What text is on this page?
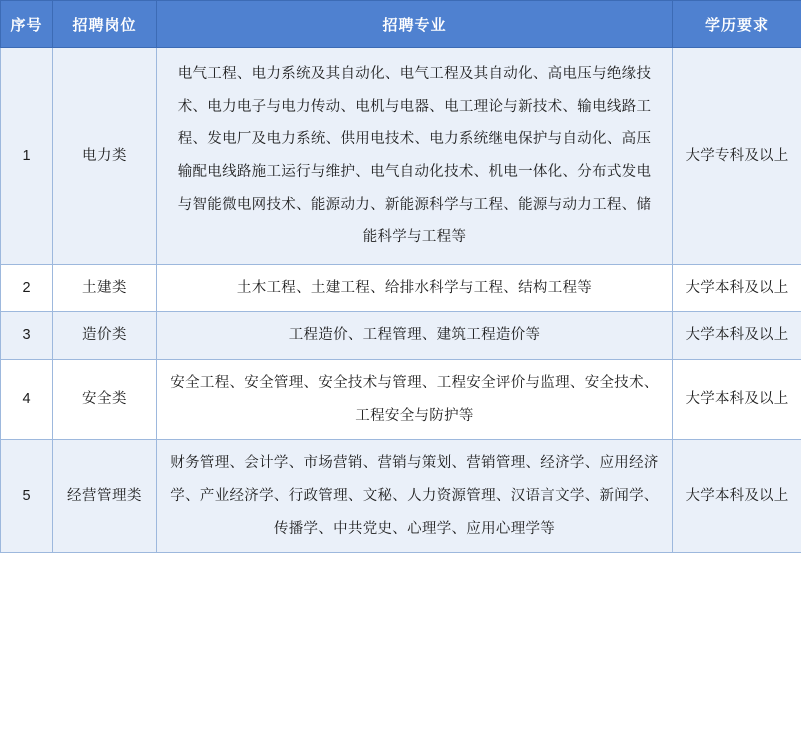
序号	招聘岗位	招聘专业	学历要求
1	电力类	电气工程、电力系统及其自动化、电气工程及其自动化、高电压与绝缘技术、电力电子与电力传动、电机与电器、电工理论与新技术、输电线路工程、发电厂及电力系统、供用电技术、电力系统继电保护与自动化、高压输配电线路施工运行与维护、电气自动化技术、机电一体化、分布式发电与智能微电网技术、能源动力、新能源科学与工程、能源与动力工程、储能科学与工程等	大学专科及以上
2	土建类	土木工程、土建工程、给排水科学与工程、结构工程等	大学本科及以上
3	造价类	工程造价、工程管理、建筑工程造价等	大学本科及以上
4	安全类	安全工程、安全管理、安全技术与管理、工程安全评价与监理、安全技术、工程安全与防护等	大学本科及以上
5	经营管理类	财务管理、会计学、市场营销、营销与策划、营销管理、经济学、应用经济学、产业经济学、行政管理、文秘、人力资源管理、汉语言文学、新闻学、传播学、中共党史、心理学、应用心理学等	大学本科及以上
